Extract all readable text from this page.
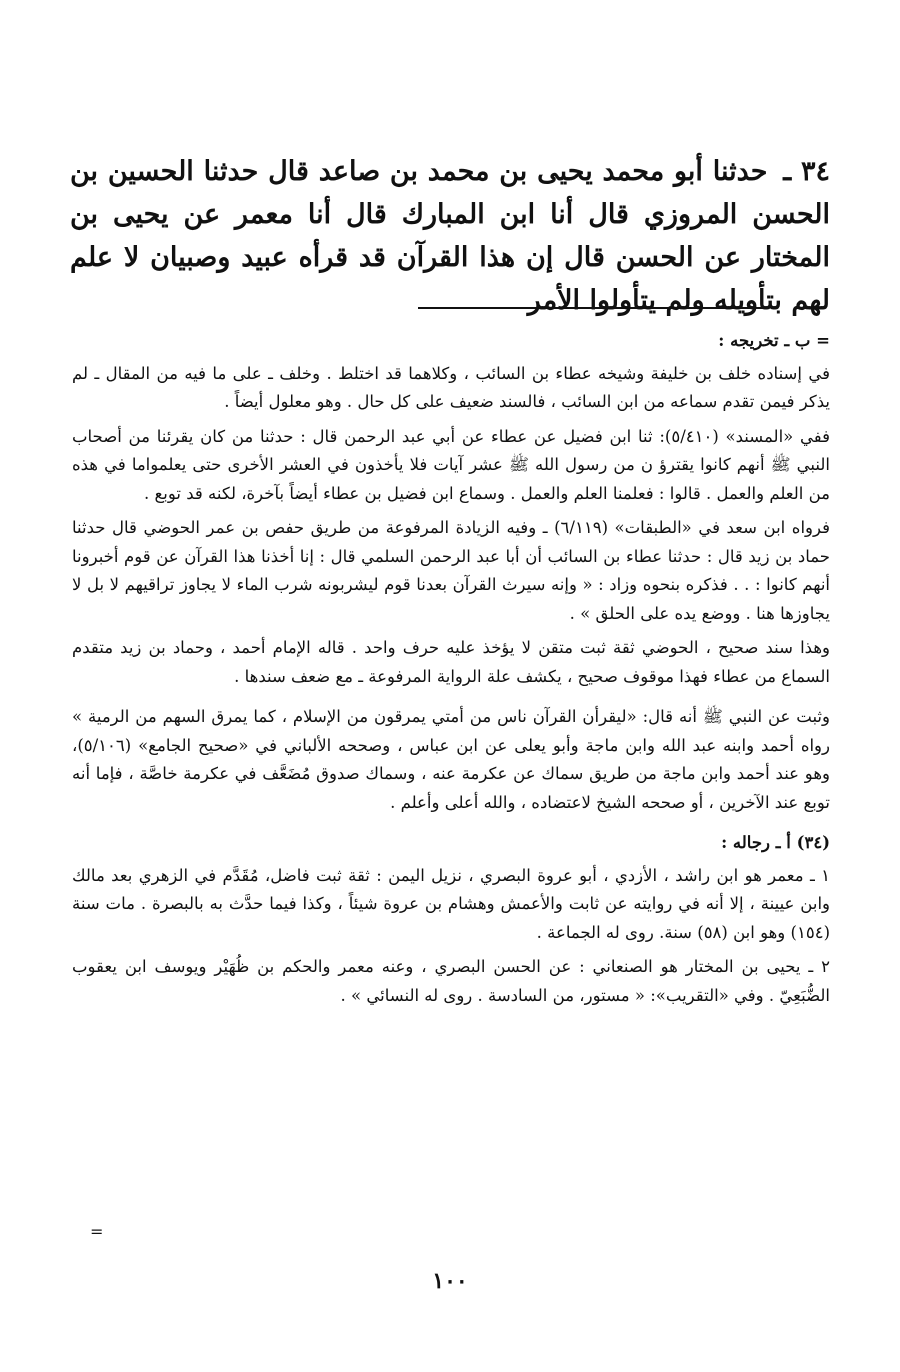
٣٤ ـ حدثنا أبو محمد يحيى بن محمد بن صاعد قال حدثنا الحسين بن الحسن المروزي قال أنا ابن المبارك قال أنا معمر عن يحيى بن المختار عن الحسن قال إن هذا القرآن قد قرأه عبيد وصبيان لا علم لهم بتأويله ولم يتأولوا الأمر

= ب ـ تخريجه :

في إسناده خلف بن خليفة وشيخه عطاء بن السائب ، وكلاهما قد اختلط . وخلف ـ على ما فيه من المقال ـ لم يذكر فيمن تقدم سماعه من ابن السائب ، فالسند ضعيف على كل حال . وهو معلول أيضاً .

ففي «المسند» (٥/٤١٠): ثنا ابن فضيل عن عطاء عن أبي عبد الرحمن قال : حدثنا من كان يقرئنا من أصحاب النبي ﷺ أنهم كانوا يقترؤ ن من رسول الله ﷺ عشر آيات فلا يأخذون في العشر الأخرى حتى يعلمواما في هذه من العلم والعمل . قالوا : فعلمنا العلم والعمل . وسماع ابن فضيل بن عطاء أيضاً بآخرة، لكنه قد توبع .

فرواه ابن سعد في «الطبقات» (٦/١١٩) ـ وفيه الزيادة المرفوعة من طريق حفص بن عمر الحوضي قال حدثنا حماد بن زيد قال : حدثنا عطاء بن السائب أن أبا عبد الرحمن السلمي قال : إنا أخذنا هذا القرآن عن قوم أخبرونا أنهم كانوا : . . فذكره بنحوه وزاد : « وإنه سيرث القرآن بعدنا قوم ليشربونه شرب الماء لا يجاوز تراقيهم لا بل لا يجاوزها هنا . ووضع يده على الحلق » .

وهذا سند صحيح ، الحوضي ثقة ثبت متقن لا يؤخذ عليه حرف واحد . قاله الإمام أحمد ، وحماد بن زيد متقدم السماع من عطاء فهذا موقوف صحيح ، يكشف علة الرواية المرفوعة ـ مع ضعف سندها .

وثبت عن النبي ﷺ أنه قال: «ليقرأن القرآن ناس من أمتي يمرقون من الإسلام ، كما يمرق السهم من الرمية » رواه أحمد وابنه عبد الله وابن ماجة وأبو يعلى عن ابن عباس ، وصححه الألباني في «صحيح الجامع» (٥/١٠٦)، وهو عند أحمد وابن ماجة من طريق سماك عن عكرمة عنه ، وسماك صدوق مُضَعَّف في عكرمة خاصَّة ، فإما أنه توبع عند الآخرين ، أو صححه الشيخ لاعتضاده ، والله أعلى وأعلم .

(٣٤) أ ـ رجاله :

١ ـ معمر هو ابن راشد ، الأزدي ، أبو عروة البصري ، نزيل اليمن : ثقة ثبت فاضل، مُقَدَّم في الزهري بعد مالك وابن عيينة ، إلا أنه في روايته عن ثابت والأعمش وهشام بن عروة شيئاً ، وكذا فيما حدَّث به بالبصرة . مات سنة (١٥٤) وهو ابن (٥٨) سنة. روى له الجماعة .

٢ ـ يحيى بن المختار هو الصنعاني : عن الحسن البصري ، وعنه معمر والحكم بن ظُهَيْر ويوسف ابن يعقوب الضُّبَعِيّ . وفي «التقريب»: « مستور، من السادسة . روى له النسائي » .

=
١٠٠
